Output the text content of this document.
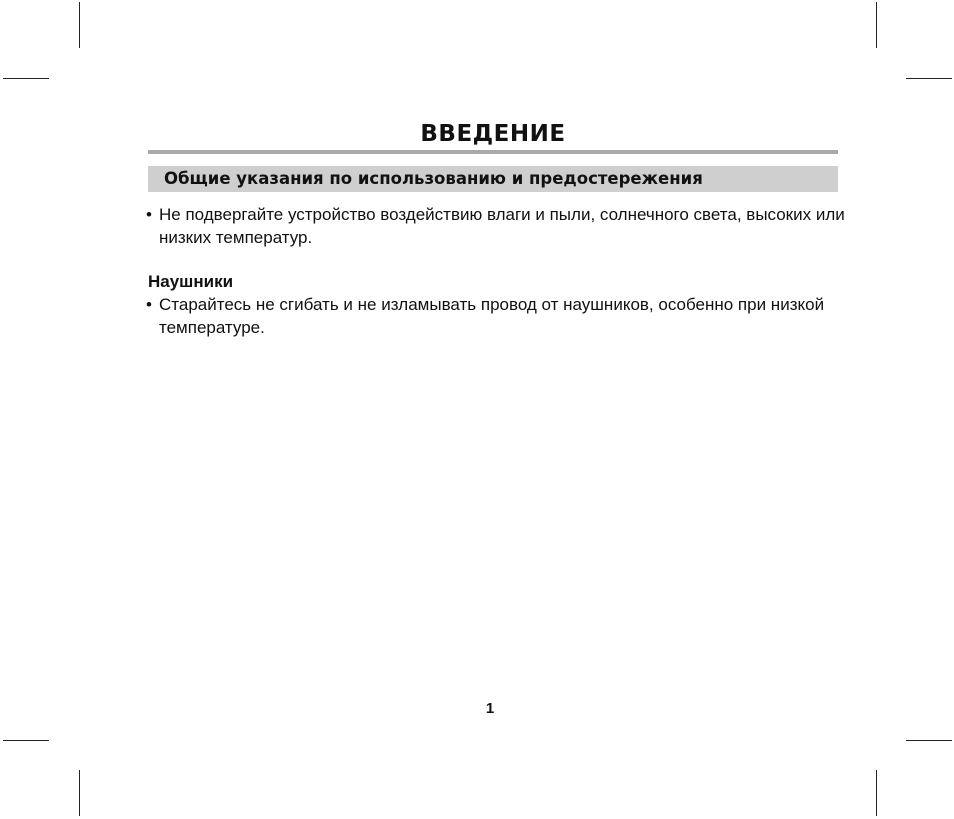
ВВЕДЕНИЕ
Общие указания по использованию и предостережения
• Не подвергайте устройство воздействию влаги и пыли, солнечного света, высоких или низких температур.
Наушники
• Старайтесь не сгибать и не изламывать провод от наушников, особенно при низкой температуре.
1
